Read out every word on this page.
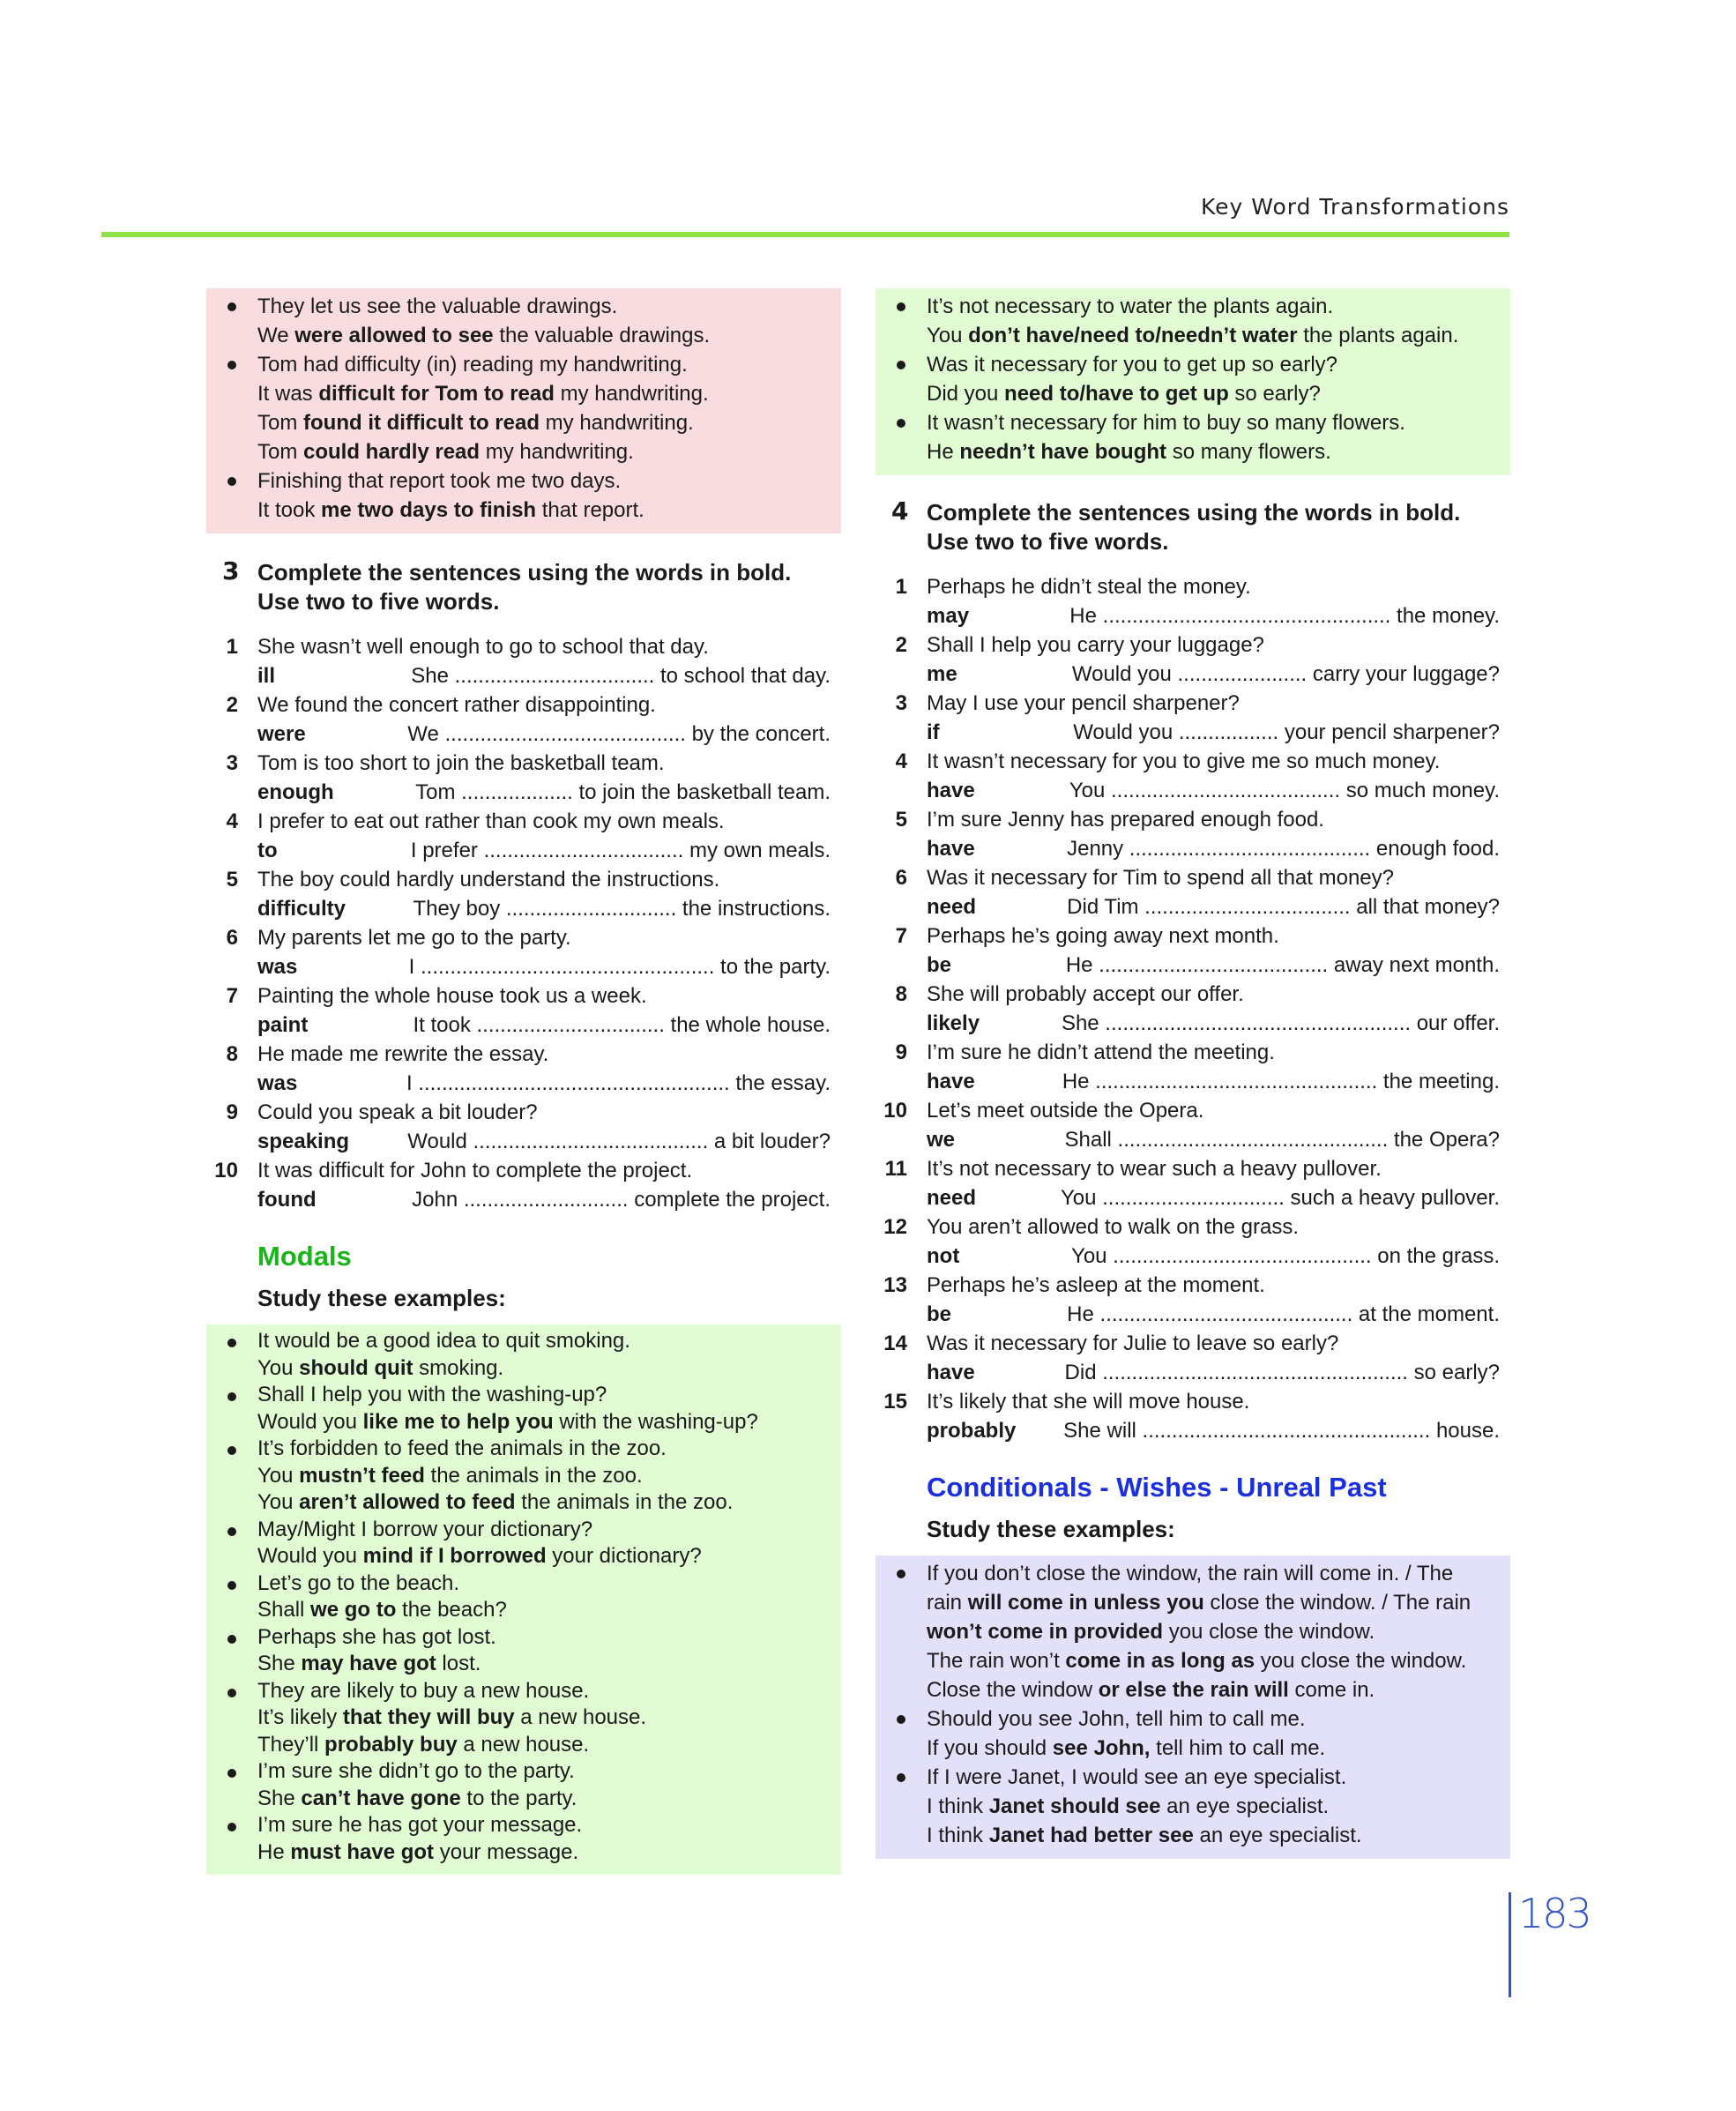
Key Word Transformations
They let us see the valuable drawings.
We were allowed to see the valuable drawings.
Tom had difficulty (in) reading my handwriting.
It was difficult for Tom to read my handwriting.
Tom found it difficult to read my handwriting.
Tom could hardly read my handwriting.
Finishing that report took me two days.
It took me two days to finish that report.
3 Complete the sentences using the words in bold.
Use two to five words.
1 She wasn’t well enough to go to school that day.
ill	She .................................. to school that day.
2 We found the concert rather disappointing.
were	We ......................................... by the concert.
3 Tom is too short to join the basketball team.
enough	Tom ................... to join the basketball team.
4 I prefer to eat out rather than cook my own meals.
to	I prefer .................................. my own meals.
5 The boy could hardly understand the instructions.
difficulty	They boy ............................. the instructions.
6 My parents let me go to the party.
was	I .................................................. to the party.
7 Painting the whole house took us a week.
paint	It took ................................ the whole house.
8 He made me rewrite the essay.
was	I ..................................................... the essay.
9 Could you speak a bit louder?
speaking	Would ........................................ a bit louder?
10 It was difficult for John to complete the project.
found	John ............................ complete the project.
Modals
Study these examples:
It would be a good idea to quit smoking.
You should quit smoking.
Shall I help you with the washing-up?
Would you like me to help you with the washing-up?
It’s forbidden to feed the animals in the zoo.
You mustn’t feed the animals in the zoo.
You aren’t allowed to feed the animals in the zoo.
May/Might I borrow your dictionary?
Would you mind if I borrowed your dictionary?
Let’s go to the beach.
Shall we go to the beach?
Perhaps she has got lost.
She may have got lost.
They are likely to buy a new house.
It’s likely that they will buy a new house.
They’ll probably buy a new house.
I’m sure she didn’t go to the party.
She can’t have gone to the party.
I’m sure he has got your message.
He must have got your message.
It’s not necessary to water the plants again.
You don’t have/need to/needn’t water the plants again.
Was it necessary for you to get up so early?
Did you need to/have to get up so early?
It wasn’t necessary for him to buy so many flowers.
He needn’t have bought so many flowers.
4 Complete the sentences using the words in bold.
Use two to five words.
1 Perhaps he didn’t steal the money.
may	He ................................................. the money.
2 Shall I help you carry your luggage?
me	Would you ...................... carry your luggage?
3 May I use your pencil sharpener?
if	Would you ................. your pencil sharpener?
4 It wasn’t necessary for you to give me so much money.
have	You ....................................... so much money.
5 I’m sure Jenny has prepared enough food.
have	Jenny ......................................... enough food.
6 Was it necessary for Tim to spend all that money?
need	Did Tim ................................... all that money?
7 Perhaps he’s going away next month.
be	He ....................................... away next month.
8 She will probably accept our offer.
likely	She .................................................... our offer.
9 I’m sure he didn’t attend the meeting.
have	He ................................................ the meeting.
10 Let’s meet outside the Opera.
we	Shall .............................................. the Opera?
11 It’s not necessary to wear such a heavy pullover.
need	You ............................... such a heavy pullover.
12 You aren’t allowed to walk on the grass.
not	You ............................................ on the grass.
13 Perhaps he’s asleep at the moment.
be	He ........................................... at the moment.
14 Was it necessary for Julie to leave so early?
have	Did .................................................... so early?
15 It’s likely that she will move house.
probably	She will ................................................. house.
Conditionals - Wishes - Unreal Past
Study these examples:
If you don’t close the window, the rain will come in. / The
rain will come in unless you close the window. / The rain
won’t come in provided you close the window.
The rain won’t come in as long as you close the window.
Close the window or else the rain will come in.
Should you see John, tell him to call me.
If you should see John, tell him to call me.
If I were Janet, I would see an eye specialist.
I think Janet should see an eye specialist.
I think Janet had better see an eye specialist.
183
